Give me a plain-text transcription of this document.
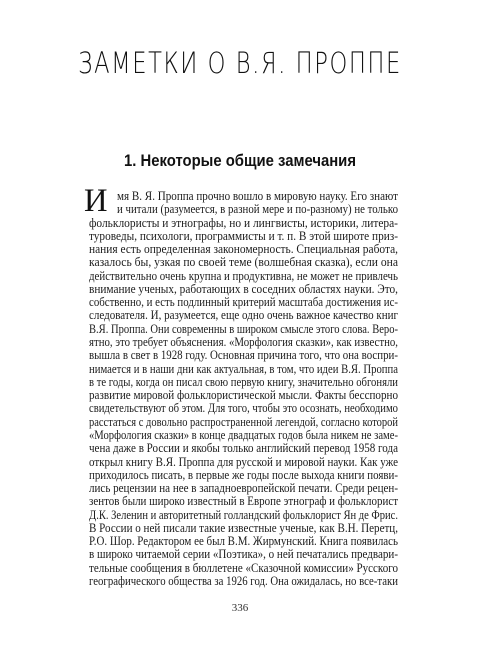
ЗАМЕТКИ О В.Я. ПРОППЕ
1. Некоторые общие замечания
И мя В. Я. Проппа прочно вошло в мировую науку. Его знают
и читали (разумеется, в разной мере и по-разному) не только
фольклористы и этнографы, но и лингвисты, историки, литера-
туроведы, психологи, программисты и т. п. В этой широте приз-
нания есть определенная закономерность. Специальная работа,
казалось бы, узкая по своей теме (волшебная сказка), если она
действительно очень крупна и продуктивна, не может не привлечь
внимание ученых, работающих в соседних областях науки. Это,
собственно, и есть подлинный критерий масштаба достижения ис-
следователя. И, разумеется, еще одно очень важное качество книг
В.Я. Проппа. Они современны в широком смысле этого слова. Веро-
ятно, это требует объяснения. «Морфология сказки», как известно,
вышла в свет в 1928 году. Основная причина того, что она воспри-
нимается и в наши дни как актуальная, в том, что идеи В.Я. Проппа
в те годы, когда он писал свою первую книгу, значительно обгоняли
развитие мировой фольклористической мысли. Факты бесспорно
свидетельствуют об этом. Для того, чтобы это осознать, необходимо
расстаться с довольно распространенной легендой, согласно которой
«Морфология сказки» в конце двадцатых годов была никем не заме-
чена даже в России и якобы только английский перевод 1958 года
открыл книгу В.Я. Проппа для русской и мировой науки. Как уже
приходилось писать, в первые же годы после выхода книги появи-
лись рецензии на нее в западноевропейской печати. Среди рецен-
зентов были широко известный в Европе этнограф и фольклорист
Д.К. Зеленин и авторитетный голландский фольклорист Ян де Фрис.
В России о ней писали такие известные ученые, как В.Н. Перетц,
Р.О. Шор. Редактором ее был В.М. Жирмунский. Книга появилась
в широко читаемой серии «Поэтика», о ней печатались предвари-
тельные сообщения в бюллетене «Сказочной комиссии» Русского
географического общества за 1926 год. Она ожидалась, но все-таки
336
